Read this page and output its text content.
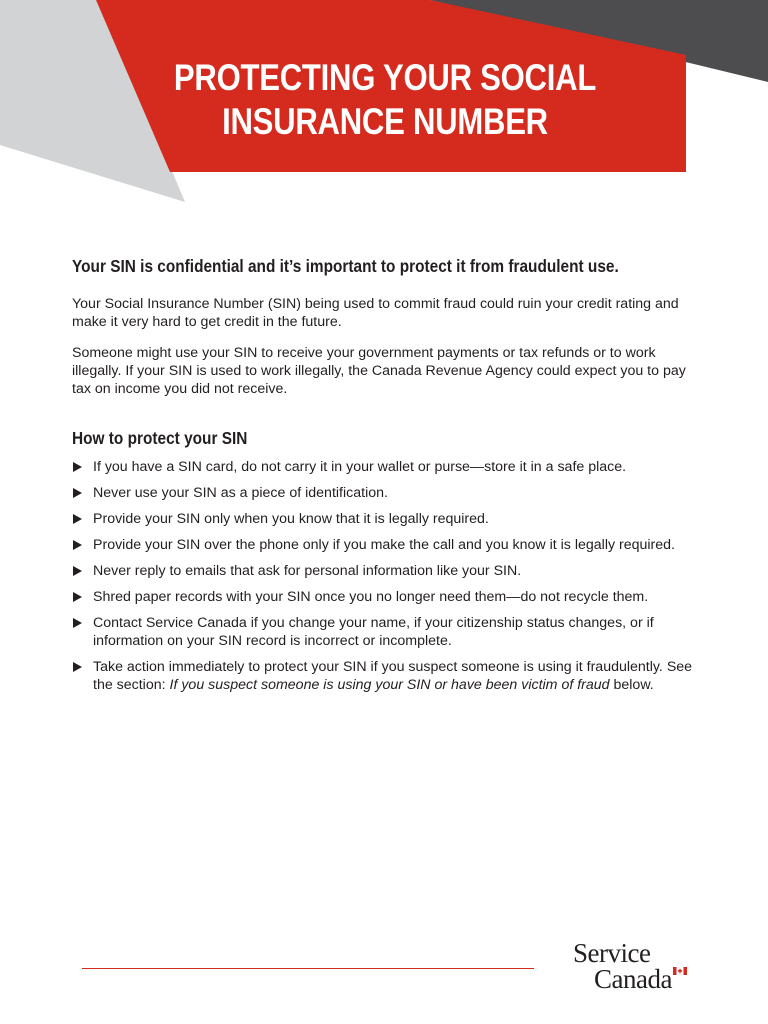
PROTECTING YOUR SOCIAL
INSURANCE NUMBER

Your SIN is confidential and it’s important to protect it from fraudulent use.

Your Social Insurance Number (SIN) being used to commit fraud could ruin your credit rating and make it very hard to get credit in the future.

Someone might use your SIN to receive your government payments or tax refunds or to work illegally. If your SIN is used to work illegally, the Canada Revenue Agency could expect you to pay tax on income you did not receive.

How to protect your SIN
If you have a SIN card, do not carry it in your wallet or purse—store it in a safe place.
Never use your SIN as a piece of identification.
Provide your SIN only when you know that it is legally required.
Provide your SIN over the phone only if you make the call and you know it is legally required.
Never reply to emails that ask for personal information like your SIN.
Shred paper records with your SIN once you no longer need them—do not recycle them.
Contact Service Canada if you change your name, if your citizenship status changes, or if information on your SIN record is incorrect or incomplete.
Take action immediately to protect your SIN if you suspect someone is using it fraudulently. See the section: If you suspect someone is using your SIN or have been victim of fraud below.
Service
Canada
